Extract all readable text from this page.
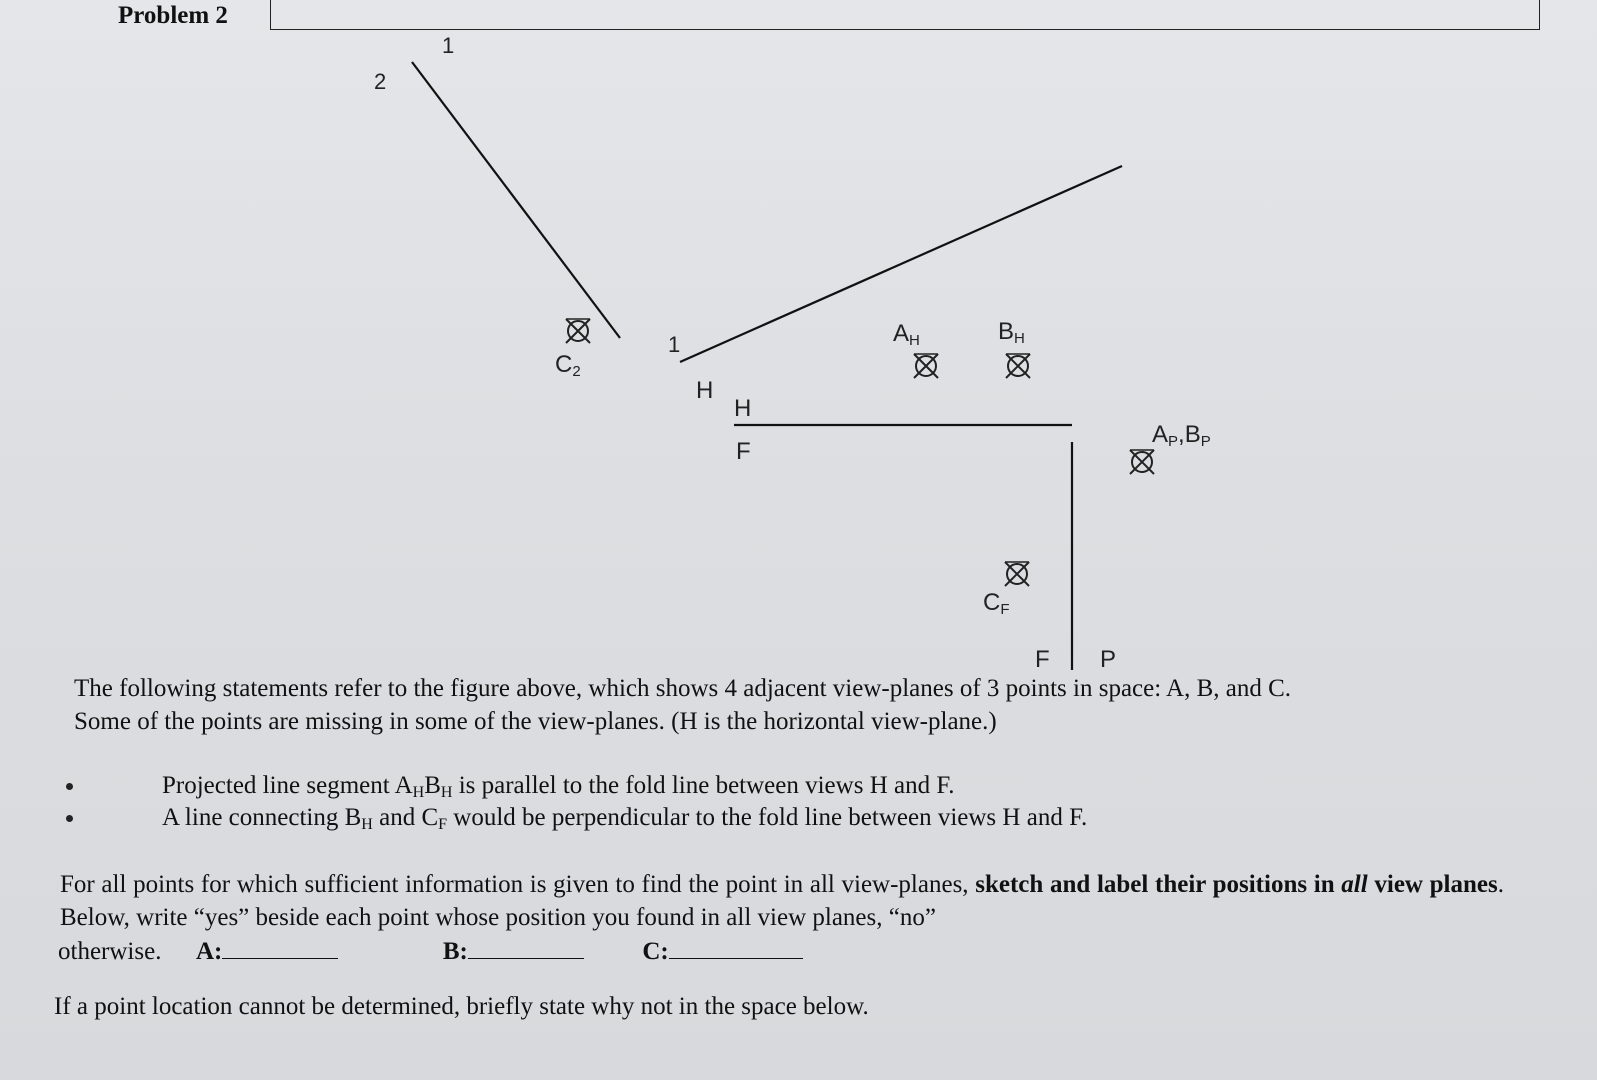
Problem 2
2
1
1
H
H
F
C2
AH	BH
CF
AP,BP
F P
The following statements refer to the figure above, which shows 4 adjacent view-planes of 3 points in space: A, B, and C.
Some of the points are missing in some of the view-planes. (H is the horizontal view-plane.)
Projected line segment $A_HB_H$ is parallel to the fold line between views H and F.
A line connecting $B_H$ and $C_F$ would be perpendicular to the fold line between views H and F.
For all points for which sufficient information is given to find the point in all view-planes, sketch and label their positions in all view planes. Below, write “yes” beside each point whose position you found in all view planes, “no”
otherwise. A:	B:	C:
If a point location cannot be determined, briefly state why not in the space below.
